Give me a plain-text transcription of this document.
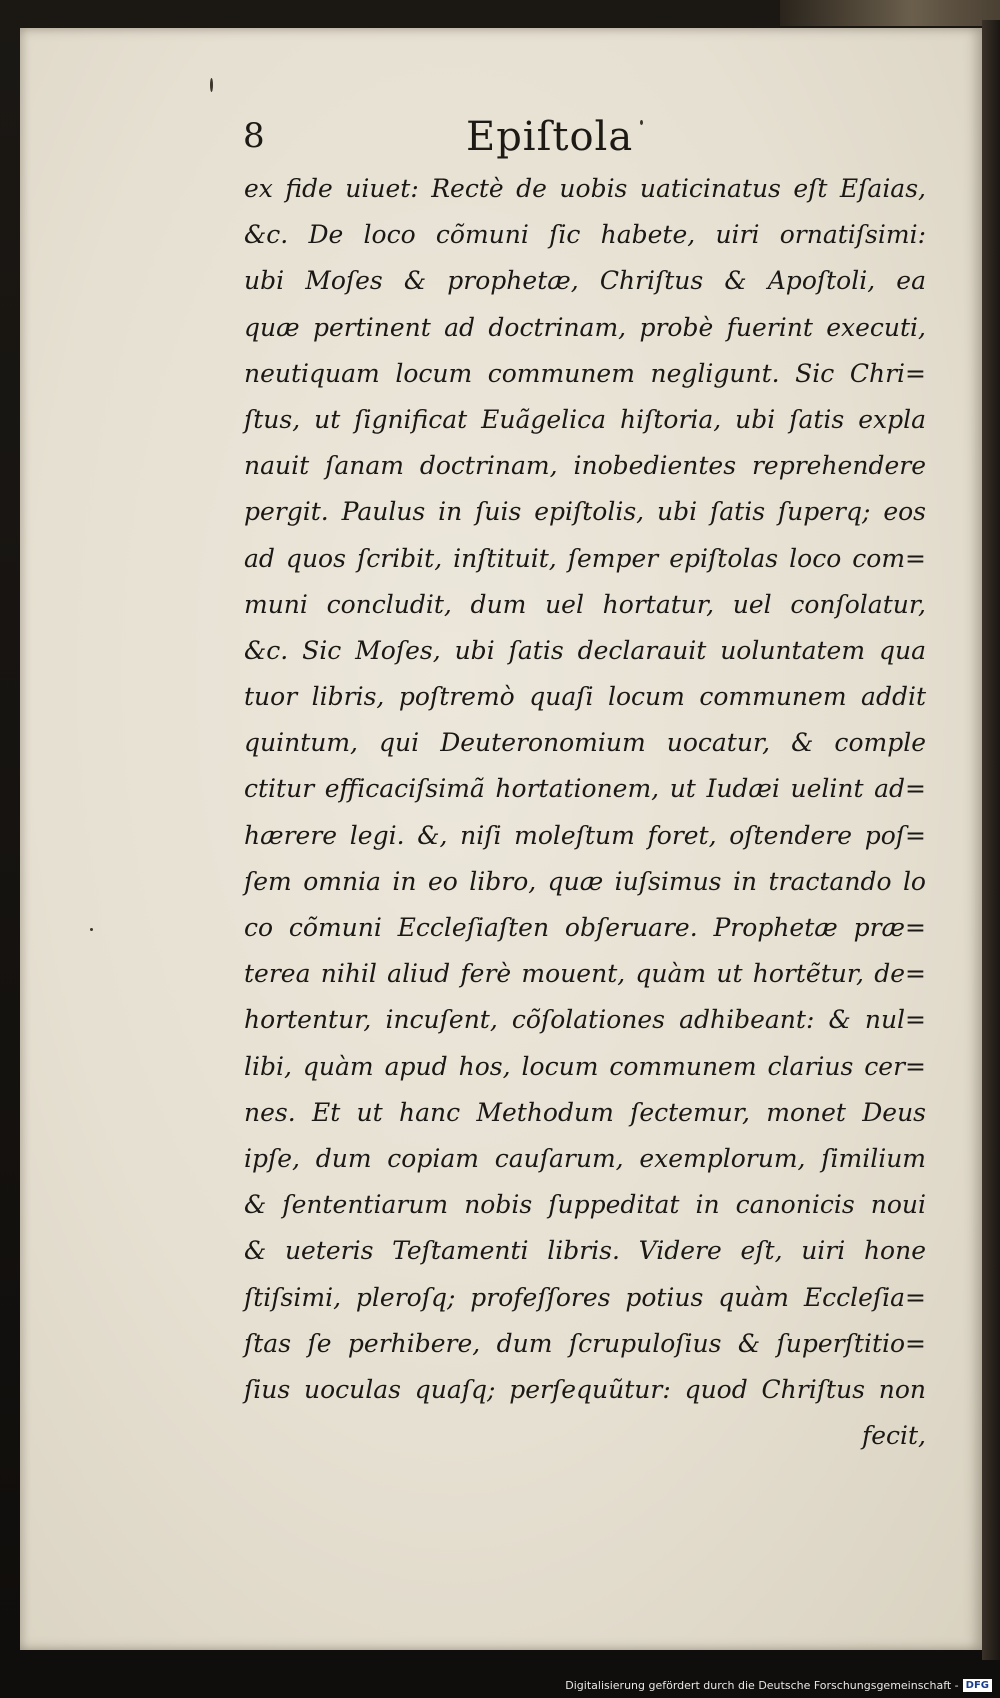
8	Epiſtola
ex fide uiuet: Rectè de uobis uaticinatus eſt Eſaias,
&c. De loco cõmuni ſic habete, uiri ornatiſsimi:
ubi Moſes & prophetæ, Chriſtus & Apoſtoli, ea
quæ pertinent ad doctrinam, probè fuerint executi,
neutiquam locum communem negligunt. Sic Chri=
ſtus, ut ſignificat Euãgelica hiſtoria, ubi ſatis expla
nauit ſanam doctrinam, inobedientes reprehendere
pergit. Paulus in ſuis epiſtolis, ubi ſatis ſuperq; eos
ad quos ſcribit, inſtituit, ſemper epiſtolas loco com=
muni concludit, dum uel hortatur, uel conſolatur,
&c. Sic Moſes, ubi ſatis declarauit uoluntatem qua
tuor libris, poſtremò quaſi locum communem addit
quintum, qui Deuteronomium uocatur, & comple
ctitur efficaciſsimã hortationem, ut Iudæi uelint ad=
hærere legi. &, niſi moleſtum foret, oſtendere poſ=
ſem omnia in eo libro, quæ iuſsimus in tractando lo
co cõmuni Eccleſiaſten obſeruare. Prophetæ præ=
terea nihil aliud ferè mouent, quàm ut hortẽtur, de=
hortentur, incuſent, cõſolationes adhibeant: & nul=
libi, quàm apud hos, locum communem clarius cer=
nes. Et ut hanc Methodum ſectemur, monet Deus
ipſe, dum copiam cauſarum, exemplorum, ſimilium
& ſententiarum nobis ſuppeditat in canonicis noui
& ueteris Teſtamenti libris. Videre eſt, uiri hone
ſtiſsimi, pleroſq; profeſſores potius quàm Eccleſia=
ſtas ſe perhibere, dum ſcrupuloſius & ſuperſtitio=
ſius uoculas quaſq; perſequũtur: quod Chriſtus non
fecit,
Digitalisierung gefördert durch die Deutsche Forschungsgemeinschaft - DFG
